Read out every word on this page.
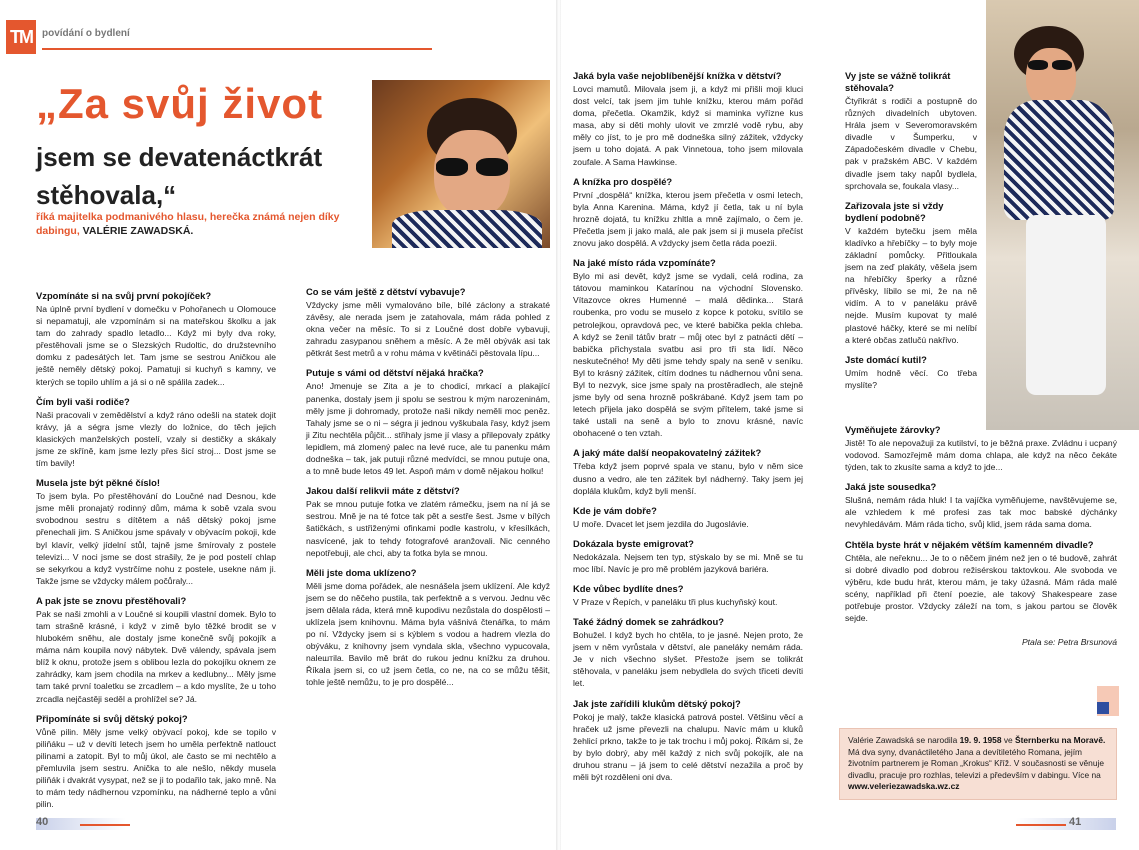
TM	povídání o bydlení
„Za svůj život
jsem se devatenáctkrát
stěhovala,“
říká majitelka podmanivého hlasu, herečka známá nejen díky dabingu, VALÉRIE ZAWADSKÁ.
Vzpomínáte si na svůj první pokojíček?

Na úplně první bydlení v domečku v Pohořanech u Olomouce si nepamatuji, ale vzpomínám si na mateřskou školku a jak tam do zahrady spadlo letadlo... Když mi byly dva roky, přestěhovali jsme se o Slezských Rudoltic, do družstevního domku z padesátých let. Tam jsme se sestrou Aničkou ale ještě neměly dětský pokoj. Pamatuji si kuchyň s kamny, ve kterých se topilo uhlím a já si o ně spálila zadek...

Čím byli vaši rodiče?

Naši pracovali v zemědělství a když ráno odešli na statek dojit krávy, já a ségra jsme vlezly do ložnice, do těch jejich klasických manželských postelí, vzaly si destičky a skákaly jsme ze skříně, kam jsme lezly přes šicí stroj... Dost jsme se tím bavily!

Musela jste být pěkné číslo!

To jsem byla. Po přestěhování do Loučné nad Desnou, kde jsme měli pronajatý rodinný dům, máma k sobě vzala svou svobodnou sestru s dítětem a náš dětský pokoj jsme přenechali jim. S Aničkou jsme spávaly v obývacím pokoji, kde byl klavír, velký jídelní stůl, tajně jsme šmírovaly z postele televizi... V noci jsme se dost strašily, že je pod postelí chlap se sekyrkou a když vystrčíme nohu z postele, usekne nám ji. Takže jsme se vždycky málem počůraly...

A pak jste se znovu přestěhovali?

Pak se naši zmohli a v Loučné si koupili vlastní domek. Bylo to tam strašně krásné, i když v zimě bylo těžké brodit se v hlubokém sněhu, ale dostaly jsme konečně svůj pokojík a máma nám koupila nový nábytek. Dvě válendy, spávala jsem blíž k oknu, protože jsem s oblibou lezla do pokojíku oknem ze zahrádky, kam jsem chodila na mrkev a kedlubny... Měly jsme tam také první toaletku se zrcadlem – a kdo myslíte, že u toho zrcadla nejčastěji seděl a prohlížel se? Já.

Připomínáte si svůj dětský pokoj?

Vůně pilin. Měly jsme velký obývací pokoj, kde se topilo v piliňáku – už v devíti letech jsem ho uměla perfektně natlouct pilinami a zatopit. Byl to můj úkol, ale často se mi nechtělo a přemluvila jsem sestru. Anička to ale nešlo, někdy musela piliňák i dvakrát vysypat, než se ji to podařilo tak, jako mně. Na to mám tedy nádhernou vzpomínku, na nádherné teplo a vůni pilin.

Co se vám ještě z dětství vybavuje?

Vždycky jsme měli vymalováno bíle, bílé záclony a strakaté závěsy, ale nerada jsem je zatahovala, mám ráda pohled z okna večer na měsíc. To si z Loučné dost dobře vybavuji, zahradu zasypanou sněhem a měsíc. A že měl obývák asi tak pětkrát šest metrů a v rohu máma v květináči pěstovala lípu...

Putuje s vámi od dětství nějaká hračka?

Ano! Jmenuje se Zita a je to chodicí, mrkací a plakající panenka, dostaly jsem ji spolu se sestrou k mým narozeninám, měly jsme ji dohromady, protože naši nikdy neměli moc peněz. Tahaly jsme se o ni – ségra ji jednou vyškubala řasy, když jsem ji Zitu nechtěla půjčit... střihaly jsme jí vlasy a přilepovaly zpátky lepidlem, má zlomený palec na levé ruce, ale tu panenku mám dodneška – tak, jak putuji různé medvídci, se mnou putuje ona, a to mně bude letos 49 let. Aspoň mám v domě nějakou holku!

Jakou další relikvii máte z dětství?

Pak se mnou putuje fotka ve zlatém rámečku, jsem na ní já se sestrou. Mně je na té fotce tak pět a sestře šest. Jsme v bílých šatičkách, s ustřiženými ofinkami podle kastrolu, v křesílkách, nasvícené, jak to tehdy fotografové aranžovali. Nic cenného nepotřebuji, ale chci, aby ta fotka byla se mnou.

Měli jste doma uklízeno?

Měli jsme doma pořádek, ale nesnášela jsem uklízení. Ale když jsem se do něčeho pustila, tak perfektně a s vervou. Jednu věc jsem dělala ráda, která mně kupodivu nezůstala do dospělosti – uklízela jsem knihovnu. Máma byla vášnivá čtenářka, to mám po ní. Vždycky jsem si s kýblem s vodou a hadrem vlezla do obýváku, z knihovny jsem vyndala skla, všechno vypucovala, nalештila. Bavilo mě brát do rukou jednu knížku za druhou. Říkala jsem si, co už jsem četla, co ne, na co se můžu těšit, tohle ještě nemůžu, to je pro dospělé...

40
Jaká byla vaše nejoblíbenější knížka v dětství?

Lovci mamutů. Milovala jsem ji, a když mi přišli moji kluci dost velcí, tak jsem jim tuhle knížku, kterou mám pořád doma, přečetla. Okamžik, když si maminka vyřízne kus masa, aby si děti mohly ulovit ve zmrzlé vodě rybu, aby měly co jíst, to je pro mě dodneška silný zážitek, vždycky jsem u toho dojatá. A pak Vinnetoua, toho jsem milovala zoufale. A Sama Hawkinse.

A knížka pro dospělé?

První „dospělá“ knížka, kterou jsem přečetla v osmi letech, byla Anna Karenina. Máma, když jí četla, tak u ní byla hrozně dojatá, tu knížku zhltla a mně zajímalo, o čem je. Přečetla jsem ji jako malá, ale pak jsem si ji musela přečíst znovu jako dospělá. A vždycky jsem četla ráda poezii.

Na jaké místo ráda vzpomínáte?

Bylo mi asi devět, když jsme se vydali, celá rodina, za tátovou maminkou Katarínou na východní Slovensko. Vítazovce okres Humenné – malá dědinka... Stará roubenka, pro vodu se muselo z kopce k potoku, svítilo se petrolejkou, opravdová pec, ve které babička pekla chleba. A když se ženil tátův bratr – můj otec byl z patnácti dětí – babička přichystala svatbu asi pro tři sta lidí. Něco neskutečného! My děti jsme tehdy spaly na seně v seníku. Byl to krásný zážitek, cítím dodnes tu nádhernou vůni sena. Byl to nezvyk, sice jsme spaly na prostěradlech, ale stejně jsme byly od sena hrozně poškrábané. Když jsem tam po letech přijela jako dospělá se svým přítelem, také jsme si také ustali na seně a bylo to znovu krásné, navíc obohacené o ten vztah.

A jaký máte další neopakovatelný zážitek?

Třeba když jsem poprvé spala ve stanu, bylo v něm sice dusno a vedro, ale ten zážitek byl nádherný. Taky jsem jej doplála klukům, když byli menší.

Kde je vám dobře?

U moře. Dvacet let jsem jezdila do Jugoslávie.

Dokázala byste emigrovat?

Nedokázala. Nejsem ten typ, stýskalo by se mi. Mně se tu moc líbí. Navíc je pro mě problém jazyková bariéra.

Kde vůbec bydlíte dnes?

V Praze v Řepích, v paneláku tři plus kuchyňský kout.

Také žádný domek se zahrádkou?

Bohužel. I když bych ho chtěla, to je jasné. Nejen proto, že jsem v něm vyrůstala v dětství, ale paneláky nemám ráda. Je v nich všechno slyšet. Přestože jsem se tolikrát stěhovala, v paneláku jsem nebydlela do svých třiceti devíti let.

Jak jste zařídili klukům dětský pokoj?

Pokoj je malý, takže klasická patrová postel. Většinu věcí a hraček už jsme převezli na chalupu. Navíc mám u kluků žehlicí prkno, takže to je tak trochu i můj pokoj. Říkám si, že by bylo dobrý, aby měl každý z nich svůj pokojík, ale na druhou stranu – já jsem to celé dětství nezažila a proč by měli být rozděleni oni dva.

Vy jste se vážně tolikrát stěhovala?

Čtyřikrát s rodiči a postupně do různých divadelních ubytoven. Hrála jsem v Severomoravském divadle v Šumperku, v Západočeském divadle v Chebu, pak v pražském ABC. V každém divadle jsem taky napůl bydlela, sprchovala se, foukala vlasy...

Zařizovala jste si vždy bydlení podobně?

V každém bytečku jsem měla kladívko a hřebíčky – to byly moje základní pomůcky. Přitloukala jsem na zeď plakáty, věšela jsem na hřebíčky šperky a různé přívěsky, líbilo se mi, že na ně vidím. A to v paneláku právě nejde. Musím kupovat ty malé plastové háčky, které se mi nelíbí a které občas zatlučú nakřivo.

Jste domácí kutil?

Umím hodně věcí. Co třeba myslíte?

Vyměňujete žárovky?

Jistě! To ale nepovažuji za kutilství, to je běžná praxe. Zvládnu i ucpaný vodovod. Samozřejmě mám doma chlapa, ale když na něco čekáte týden, tak to zkusíte sama a když to jde...

Jaká jste sousedka?

Slušná, nemám ráda hluk! I ta vajíčka vyměňujeme, navštěvujeme se, ale vzhledem k mé profesi zas tak moc babské dýchánky nevyhledávám. Mám ráda ticho, svůj klid, jsem ráda sama doma.

Chtěla byste hrát v nějakém větším kamenném divadle?

Chtěla, ale neřeknu... Je to o něčem jiném než jen o té budově, zahrát si dobré divadlo pod dobrou režisérskou taktovkou. Ale svoboda ve výběru, kde budu hrát, kterou mám, je taky úžasná. Mám ráda malé scény, například při čtení poezie, ale takový Shakespeare zase potřebuje prostor. Vždycky záleží na tom, s jakou partou se člověk sejde.

Ptala se: Petra Brsunová

Valérie Zawadská se narodila 19. 9. 1958 ve Šternberku na Moravě. Má dva syny, dvanáctiletého Jana a devítiletého Romana, jejím životním partnerem je Roman „Krokus“ Kříž. V současnosti se věnuje divadlu, pracuje pro rozhlas, televizi a především v dabingu. Více na www.veleriezawadska.wz.cz
41
